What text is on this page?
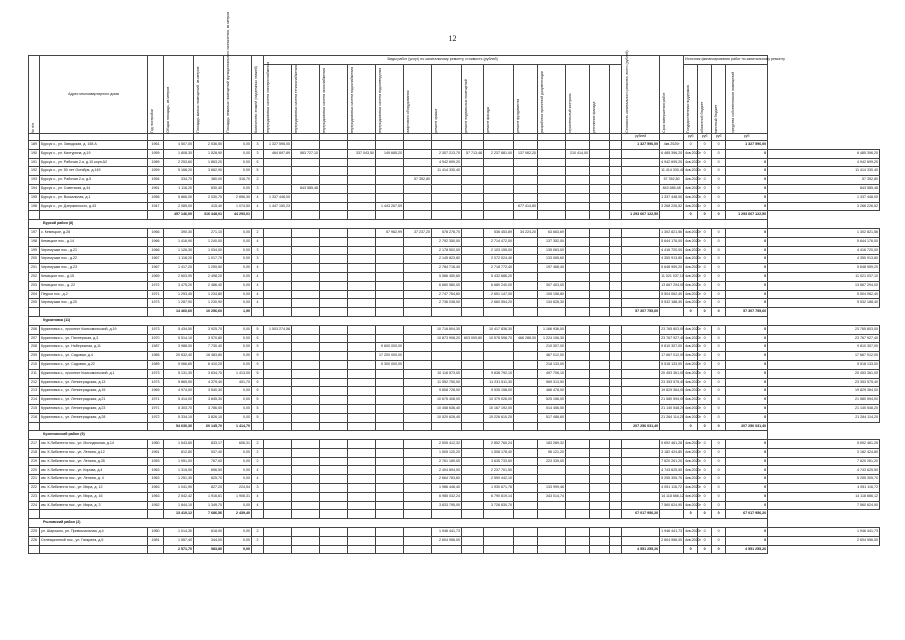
12
№ п/п	Адрес многоквартирного дома	Год постройки	Общая площадь, кв.метров	Площадь жилых помещений, кв.метров	Площадь нежилых помещений функционального назначения, кв.метров	Количество этажей (надземных этажей)	Виды работ (услуг) по капитальному ремонту, стоимость (рублей)														Стоимость капитального ремонта, всего (рублей)	Срок завершения работ	Источник финансирования работ по капитальному ремонту				
							внутридомовых систем электроснабжения	внутридомовых систем теплоснабжения	внутридомовых систем газоснабжения	внутридомовых систем водоснабжения	внутридомовых систем водоотведения	лифтового оборудования	ремонт крыши	ремонт подвальных помещений	ремонт фасада	ремонт фундамента	разработка проектной документации	строительный контроль	утепление фасада				Государственная поддержка	областной бюджет	местный бюджет	средства собственников помещений	
																					рублей		руб	руб	руб	руб	
189	Бурсук с., ул. Заводская, д. 158 А	1961	4 507,00	2 536,50	0,00	3	1 327 596,00														1 327 596,00	4кв.2020г	0	0	0	1 327 596,00	
190	Бурсук с., ул. Калтурина, д.19	1959	1 808,30	1 528,90	0,00	3	464 697,89	583 727,10		337 043,50	149 685,20		2 307 213,70	57 713,48	2 237 881,00	137 062,20		210 414,00				6 485 396,20	4кв.2020г	0	0	0	6 485 396,20
191	Бурсук с., ул. Рабочая 2-я, д.10 корп.А2	1989	2 253,60	1 863,20	0,00	5							4 942 699,20									4 942 699,20	4кв.2020г	0	0	0	4 942 699,20
192	Бурсук с., ул. 50 лет Октября, д.149	1959	5 168,20	3 662,90	0,00	5							11 414 330,40									11 414 330,40	4кв.2020г	0	0	0	11 414 330,40
193	Бурсук с., ул. Рабочая 2-я, д.5	1954	334,70	380,00	316,70	2						57 352,80										57 352,80	4кв.2020г	0	0	0	57 352,80
194	Бурсук с., ул. Советская, д.44	1961	1 116,20	830,40	0,00	3		843 585,48														843 585,48	4кв.2020г	0	0	0	843 585,48
195	Бурсук с., ул. Вокзальная, д.1	1956	5 866,00	2 030,70	2 856,30	4	1 337 448,00															1 337 448,00	4кв.2020г	0	0	0	1 337 448,00
196	Бурсук с., ул. Дзержинского, д.43	1947	2 089,00	415,40	1 074,50	4	1 447 150,23				1 443 267,59					677 414,80						3 268 226,52	4кв.2021г	0	0	0	3 268 226,52
			457 146,00	316 448,01	44 293,01																1 293 667 122,50		0	0	0	1 293 667 122,50	
Бурсий район (8)																											
197	с. Кемецкое, д.28	1966	390,30	271,10	0,00	2					57 962,99	37 237,20	578 276,70		536 453,89	34 224,20	63 663,69					1 302 821,56	4кв.2020г	0	0	0	1 302 821,56
198	Кемецкое пос., д.14	1966	1 416,90	1 240,00	0,00	4							2 792 350,00		2 714 472,00		137 352,00					5 644 176,00	4кв.2020г	0	0	0	5 644 176,00
199	Черемушки пос., д.21	1966	1 126,30	1 034,00	0,00	3							2 178 502,00		2 103 155,00		135 063,00					4 416 720,00	4кв.2020г	0	0	0	4 416 720,00
200	Черемушки пос., д.22	1967	1 118,20	1 017,70	0,00	3							2 145 823,80		2 072 024,40		133 065,60					4 350 913,80	4кв.2020г	0	0	0	4 350 913,80
201	Черемушки пос., д.23	1967	1 417,20	1 259,50	0,00	4							2 784 718,40		2 718 772,40		197 468,40					5 648 959,20	4кв.2020г	0	0	0	5 648 959,20
202	Кемецкое пос., д.15	1969	2 603,90	2 498,20	0,00	4							5 586 450,60		5 432 686,20							11 021 037,10	4кв.2020г	0	0	0	11 021 037,10
203	Кемецкое пос., д. 22	1972	3 475,20	2 486,40	0,00	4							6 660 580,00		6 680 240,00		307 403,00					13 667 294,00	4кв.2020г	0	0	0	13 667 294,00
204	Пеурки пос., д.2	1971	1 293,40	1 234,80	0,00	4							2 747 764,60		2 651 147,00		105 158,80					5 504 062,40	4кв.2020г	0	0	0	5 504 062,40
205	Черемушки пос., д.20	1973	1 287,90	1 230,90	0,00	4							2 736 038,00		2 660 554,20		134 626,30					5 532 188,40	4кв.2020г	0	0	0	5 532 188,40
			14 460,60	10 256,60	1,90																57 307 755,60		0	0	0	57 307 755,60	
Куркатовка (11)																											
206	Куркатовка с., проспект Комсомольский, д.19	1973	5 434,50	3 925,70	0,00	5	1 503 274,58						10 716 804,30		10 417 836,30		1 166 936,00					23 765 803,00	4кв.2020г	0	0	0	23 765 803,00
207	Куркатовка с., ул. Пионерская, д.3	1970	5 514,10	3 970,80	0,00	5							10 873 908,20	603 009,80	10 578 598,70	466 288,00	1 224 106,30					23 767 927,40	4кв.2020г	0	0	0	23 767 927,40
208	Куркатовка с., ул. Набережная, д.11	1987	3 988,00	7 730,40	0,00	9					9 600 000,00						210 307,00					9 810 307,00	4кв.2020г	0	0	0	9 810 307,00
209	Куркатовка с., ул. Садовая, д.4	1985	20 632,40	16 483,80	0,00	9					17 200 000,00						467 012,00					17 667 012,00	4кв.2020г	0	0	0	17 667 012,00
210	Куркатовка с., ул. Садовая, д.22	1989	9 066,60	6 410,20	0,00	9					5 300 000,00						218 133,00					5 518 133,00	4кв.2020г	0	0	0	5 518 133,00
211	Куркатовка с., проспект Комсомольский, д.1	1973	5 131,30	3 634,70	1 413,00	5							10 116 573,00		9 838 792,10		497 706,10					20 453 361,00	4кв.2020г	0	0	0	20 453 361,00
212	Куркатовка с., ул. Ленинградская, д.13	1973	5 865,90	4 379,40	401,70	5							11 552 750,00		11 231 511,30		569 313,50					23 353 575,40	4кв.2020г	0	0	0	23 353 575,40
213	Куркатовка с., ул. Ленинградская, д.15	1969	4 974,00	3 540,30	0,00	5							9 808 728,00		9 535 158,00		486 478,00					19 829 364,00	4кв.2020г	0	0	0	19 829 364,00
214	Куркатовка с., ул. Ленинградская, д.21	1971	5 414,00	3 845,30	0,00	5							10 675 408,00		10 379 026,00		525 156,00					21 580 594,00	4кв.2020г	0	0	0	21 580 594,00
215	Куркатовка с., ул. Ленинградская, д.23	1971	5 303,70	3 786,50	0,00	5							10 458 636,40		10 167 192,00		514 456,50					21 140 548,20	4кв.2020г	0	0	0	21 140 548,20
216	Куркатовка с., ул. Ленинградская, д.28	1972	5 334,10	3 826,10	0,00	5							10 520 626,40		10 226 610,20		517 488,60					21 264 114,20	4кв.2020г	0	0	0	21 264 114,20
			54 630,30	60 145,70	1 414,70																207 256 031,40		0	0	0	207 256 031,40	
Кузнечанский район (9)																											
217	ом. К.Либкнехта пос., ул. Молодежная, д.14	1960	1 543,60	833,17	606,31	2							2 505 412,32		2 852 760,24		183 289,32					5 692 461,26	4кв.2020г	0	0	0	5 692 461,26
218	им. К.Либкнехта пос., ул. Ленина, д.12	1961	812,80	537,40	0,00	2							1 505 120,20		1 506 178,40		96 121,20					3 182 424,80	4кв.2020г	0	0	0	3 182 424,80
219	им. К.Либкнехта пос., ул. Ленина, д.35	1953	1 951,00	767,00	0,00	2							2 761 189,00		3 635 733,50		223 339,00					7 620 261,20	4кв.2020г	0	0	0	7 620 261,20
220	им. К.Либкнехта пос., ул. Кирова, д.4	1963	1 315,90	656,50	0,00	4							2 404 894,00		2 237 701,50							4 743 625,50	4кв.2020г	0	0	0	4 743 625,50
221	им. К.Либкнехта пос., ул. Ленина, д. 4	1963	1 251,30	625,70	0,00	4							2 664 783,60		2 590 442,10							5 255 305,70	4кв.2020г	0	0	0	5 255 305,70
222	им. К.Либкнехта пос., ул. Мира, д. 12	1963	1 041,90	827,20	224,54	3							1 986 446,40		1 930 671,76		133 999,46					4 051 116,72	4кв.2020г	0	0	0	4 051 116,72
223	им. К.Либкнехта пос., ул. Мира, д. 16	1963	2 542,42	1 916,61	1 908,31	4							6 985 032,24		6 790 619,14		343 014,74					14 118 666,12	4кв.2020г	0	0	0	14 118 666,12
224	им. К.Либкнехта пос., ул. Мира, д. 3	1952	1 844,10	1 349,70	0,00	4							3 833 795,00		3 726 830,70							7 560 624,90	4кв.2020г	0	0	0	7 560 624,90
			13 410,12	7 686,56	2 439,40																67 017 956,20		0	0	0	67 017 956,20	
Рыловский район (2)																											
225	ул. Шарошно, рн. Привокзальная, д.4	1960	1 014,30	618,00	0,00	2							1 946 441,73									1 946 441,73	4кв.2020г	0	0	0	1 946 441,73
226	Селекционный пос., ул. Гагарина, д.5	1981	1 557,40	344,00	0,00	2							2 604 956,00									2 604 956,00	4кв.2020г	0	0	0	2 604 956,00
			2 571,70	983,80	0,00																4 551 255,26		0	0	0	4 551 255,26	
